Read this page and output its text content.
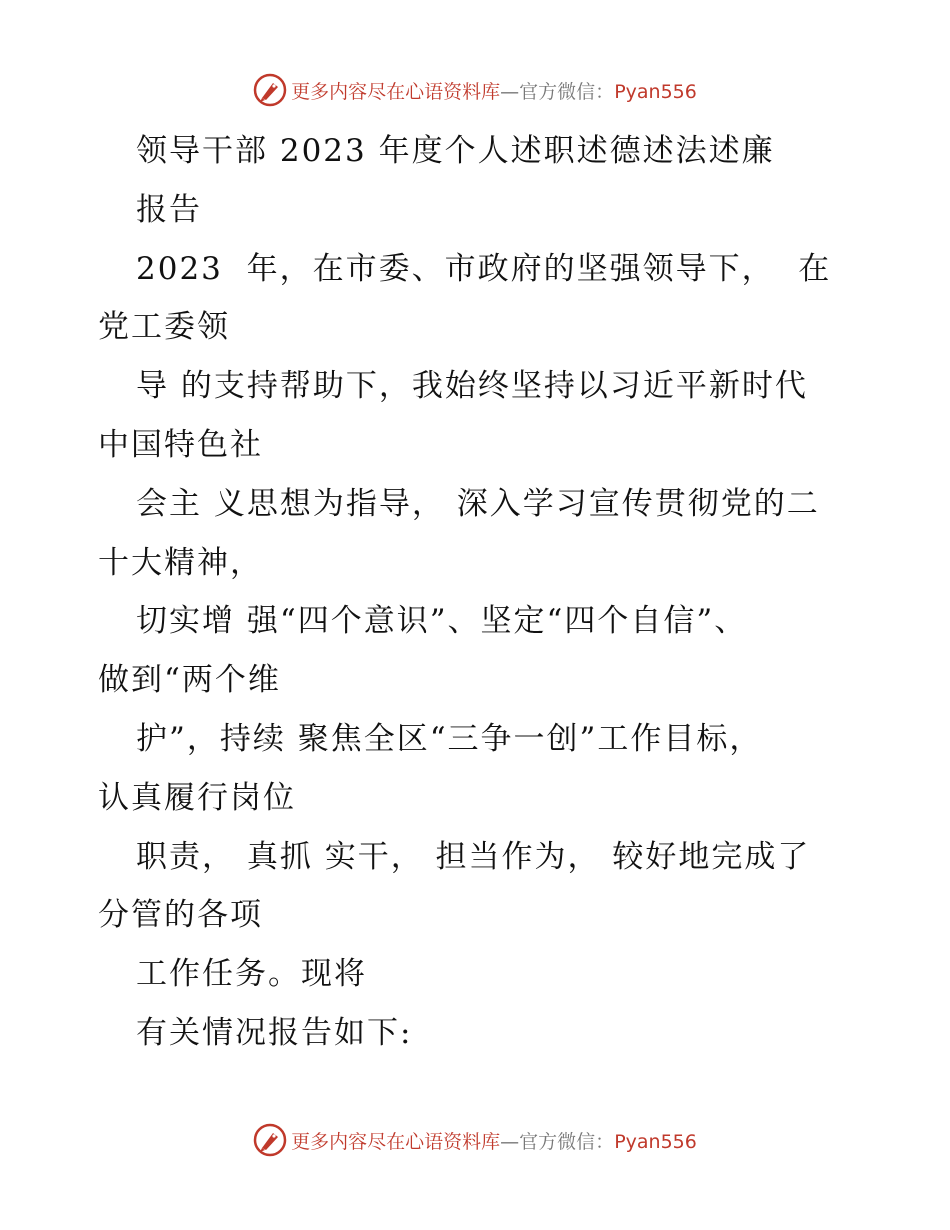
更多内容尽在心语资料库—官方微信：Pyan556
领导干部 2023 年度个人述职述德述法述廉
报告
2023  年，在市委、市政府的坚强领导下，  在
党工委领
导 的支持帮助下，我始终坚持以习近平新时代
中国特色社
会主 义思想为指导， 深入学习宣传贯彻党的二
十大精神，
切实增 强“四个意识”、坚定“四个自信”、
做到“两个维
护”，持续 聚焦全区“三争一创”工作目标，
认真履行岗位
职责， 真抓 实干， 担当作为， 较好地完成了
分管的各项
工作任务。现将
有关情况报告如下:
更多内容尽在心语资料库—官方微信：Pyan556
